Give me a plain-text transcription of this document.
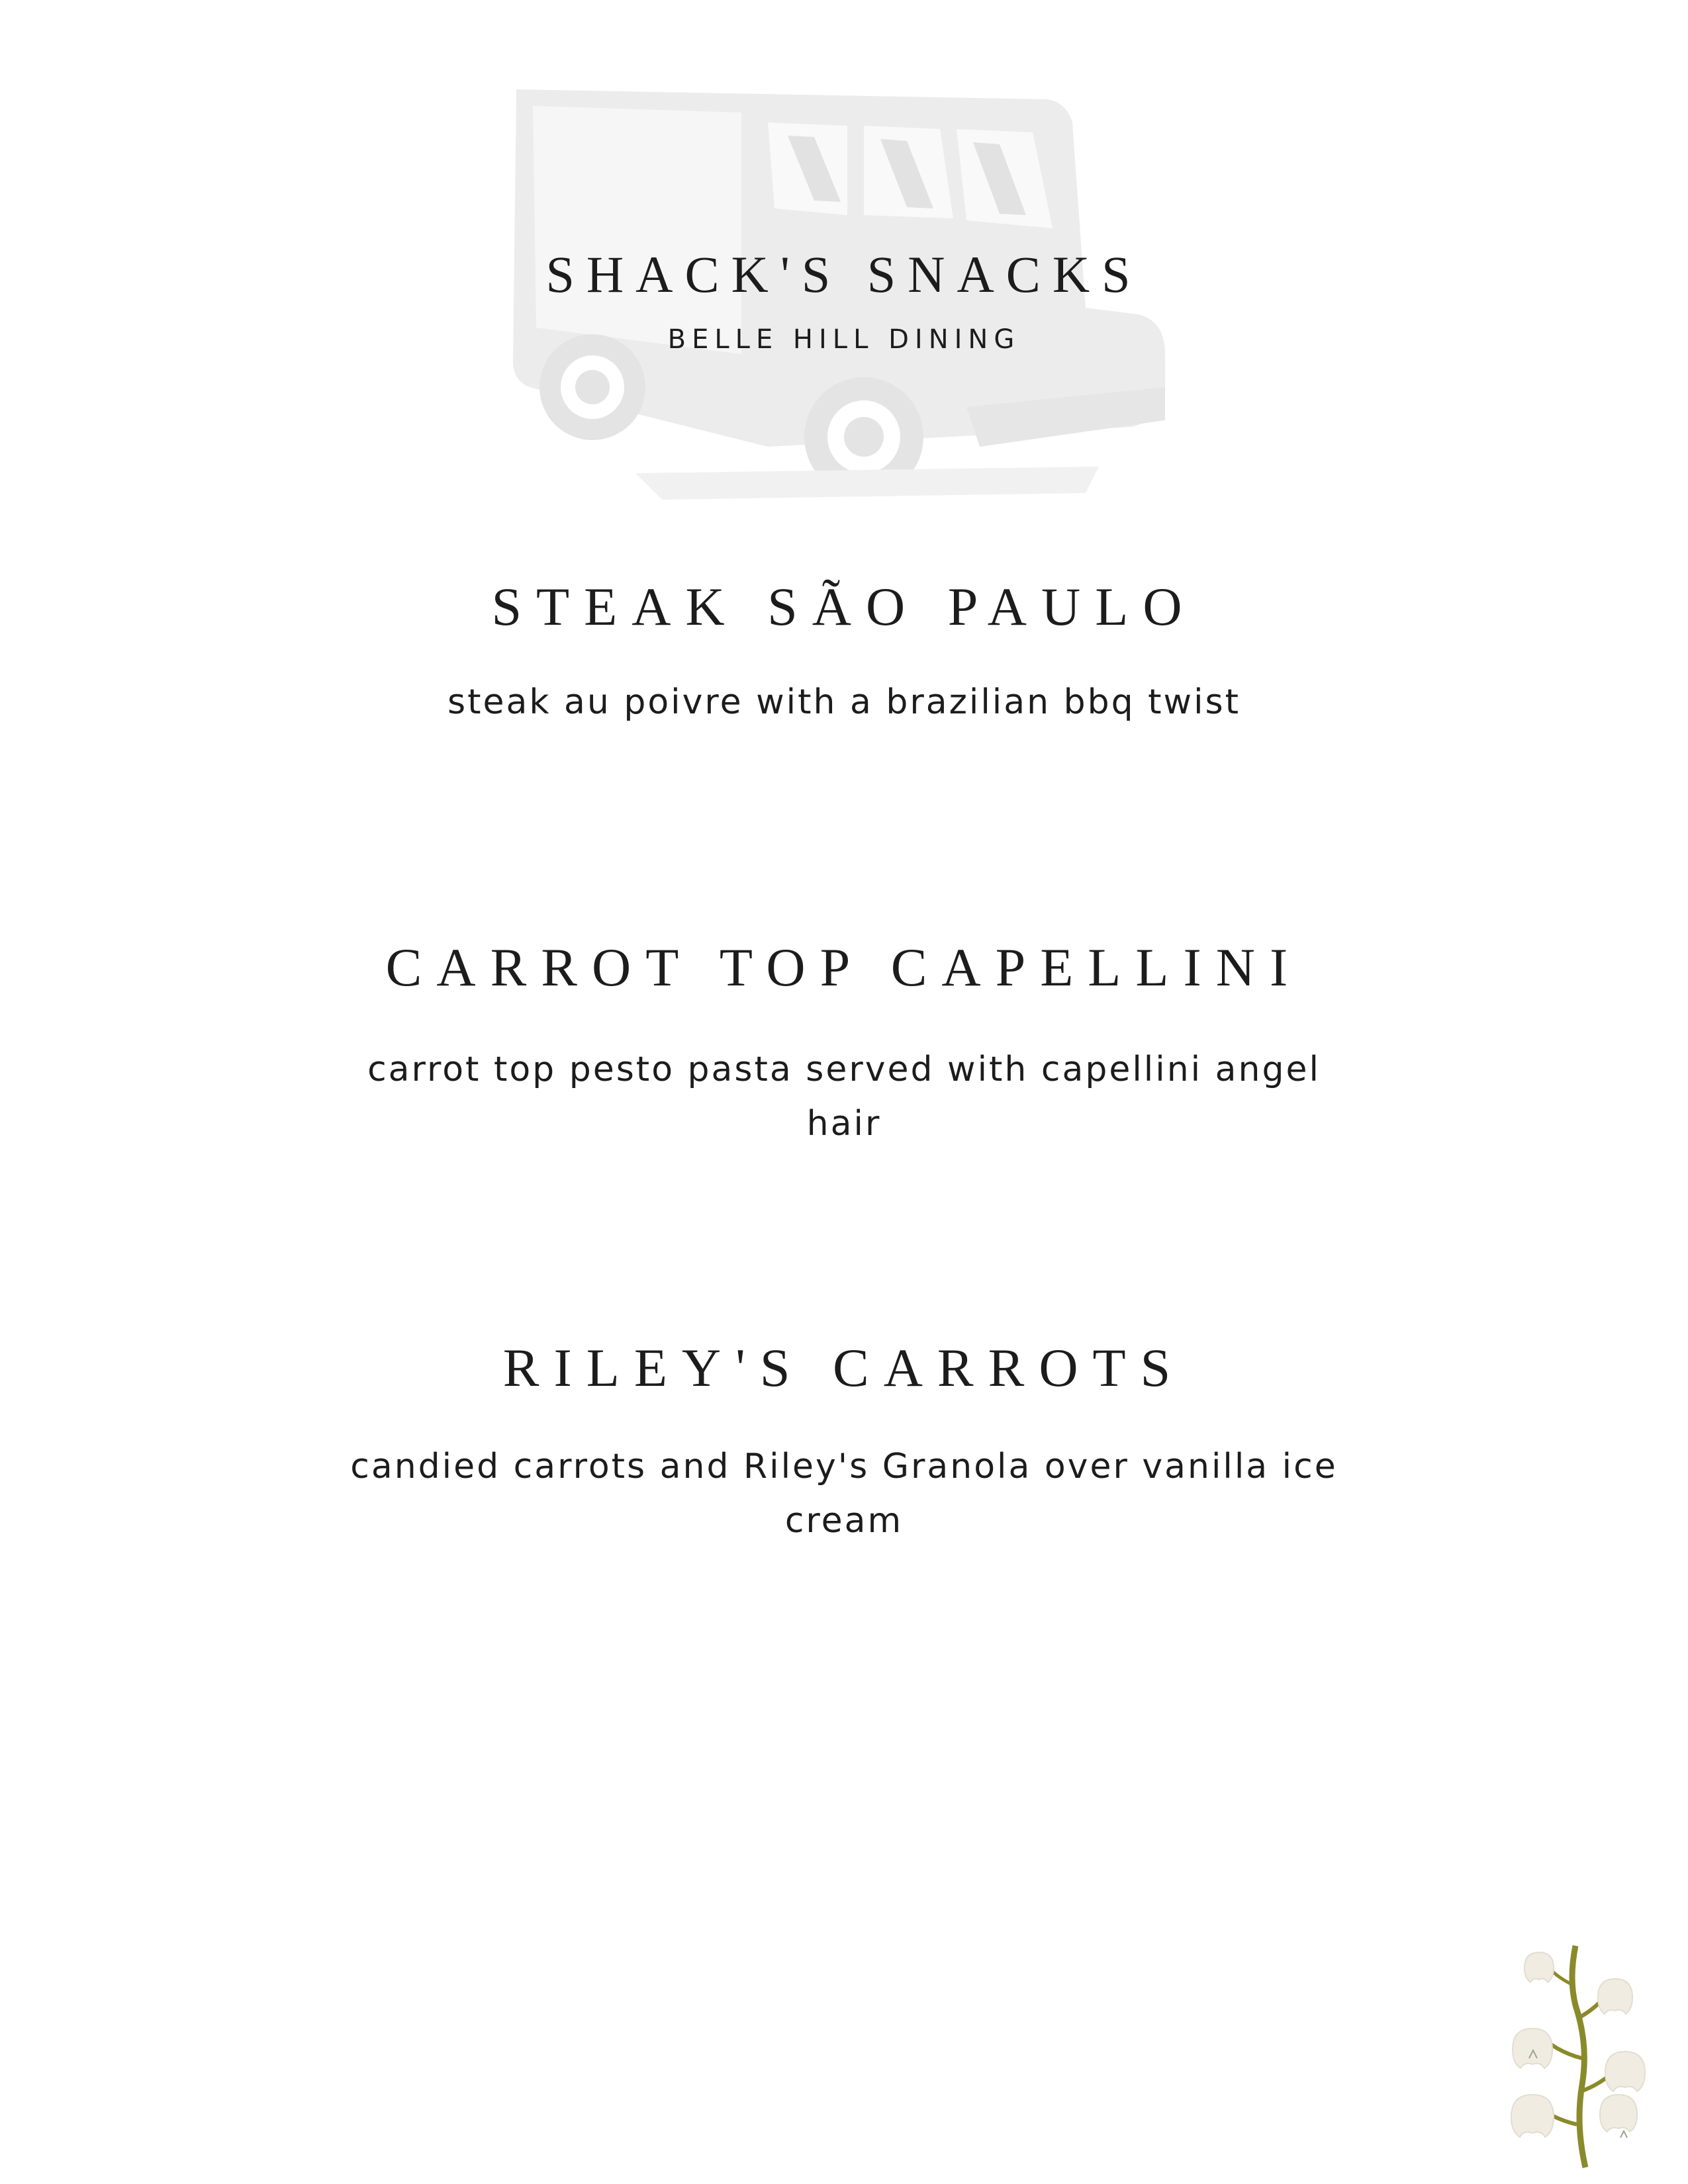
SHACK'S SNACKS
BELLE HILL DINING
STEAK SÃO PAULO
steak au poivre with a brazilian bbq twist
CARROT TOP CAPELLINI
carrot top pesto pasta served with capellini angel hair
RILEY'S CARROTS
candied carrots and Riley's Granola over vanilla ice cream
